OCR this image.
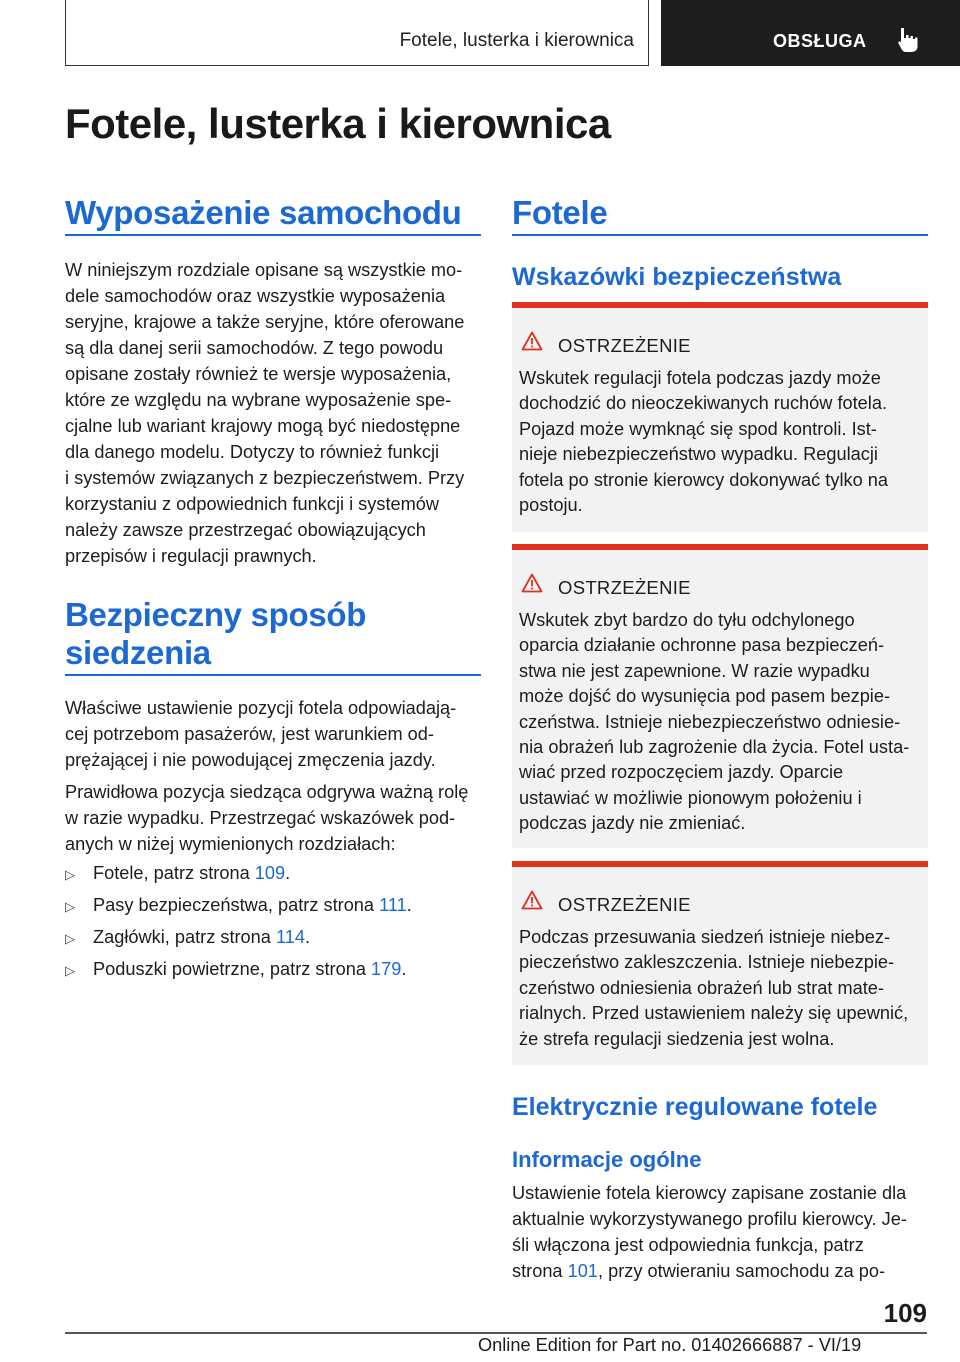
Fotele, lusterka i kierownica	OBSŁUGA
Fotele, lusterka i kierownica
Wyposażenie samochodu
W niniejszym rozdziale opisane są wszystkie mo-
dele samochodów oraz wszystkie wyposażenia
seryjne, krajowe a także seryjne, które oferowane
są dla danej serii samochodów. Z tego powodu
opisane zostały również te wersje wyposażenia,
które ze względu na wybrane wyposażenie spe-
cjalne lub wariant krajowy mogą być niedostępne
dla danego modelu. Dotyczy to również funkcji
i systemów związanych z bezpieczeństwem. Przy
korzystaniu z odpowiednich funkcji i systemów
należy zawsze przestrzegać obowiązujących
przepisów i regulacji prawnych.
Bezpieczny sposób
siedzenia
Właściwe ustawienie pozycji fotela odpowiadają-
cej potrzebom pasażerów, jest warunkiem od-
prężającej i nie powodującej zmęczenia jazdy.
Prawidłowa pozycja siedząca odgrywa ważną rolę
w razie wypadku. Przestrzegać wskazówek pod-
anych w niżej wymienionych rozdziałach:

▷

Fotele, patrz strona 109.

▷

Pasy bezpieczeństwa, patrz strona 111.

▷

Zagłówki, patrz strona 114.

▷

Poduszki powietrzne, patrz strona 179.

Fotele
Wskazówki bezpieczeństwa
OSTRZEŻENIE
Wskutek regulacji fotela podczas jazdy może
dochodzić do nieoczekiwanych ruchów fotela.
Pojazd może wymknąć się spod kontroli. Ist-
nieje niebezpieczeństwo wypadku. Regulacji
fotela po stronie kierowcy dokonywać tylko na
postoju.
OSTRZEŻENIE
Wskutek zbyt bardzo do tyłu odchylonego
oparcia działanie ochronne pasa bezpieczeń-
stwa nie jest zapewnione. W razie wypadku
może dojść do wysunięcia pod pasem bezpie-
czeństwa. Istnieje niebezpieczeństwo odniesie-
nia obrażeń lub zagrożenie dla życia. Fotel usta-
wiać przed rozpoczęciem jazdy. Oparcie
ustawiać w możliwie pionowym położeniu i
podczas jazdy nie zmieniać.
OSTRZEŻENIE
Podczas przesuwania siedzeń istnieje niebez-
pieczeństwo zakleszczenia. Istnieje niebezpie-
czeństwo odniesienia obrażeń lub strat mate-
rialnych. Przed ustawieniem należy się upewnić,
że strefa regulacji siedzenia jest wolna.
Elektrycznie regulowane fotele
Informacje ogólne
Ustawienie fotela kierowcy zapisane zostanie dla
aktualnie wykorzystywanego profilu kierowcy. Je-
śli włączona jest odpowiednia funkcja, patrz
strona 101, przy otwieraniu samochodu za po-
109
Online Edition for Part no. 01402666887 - VI/19
